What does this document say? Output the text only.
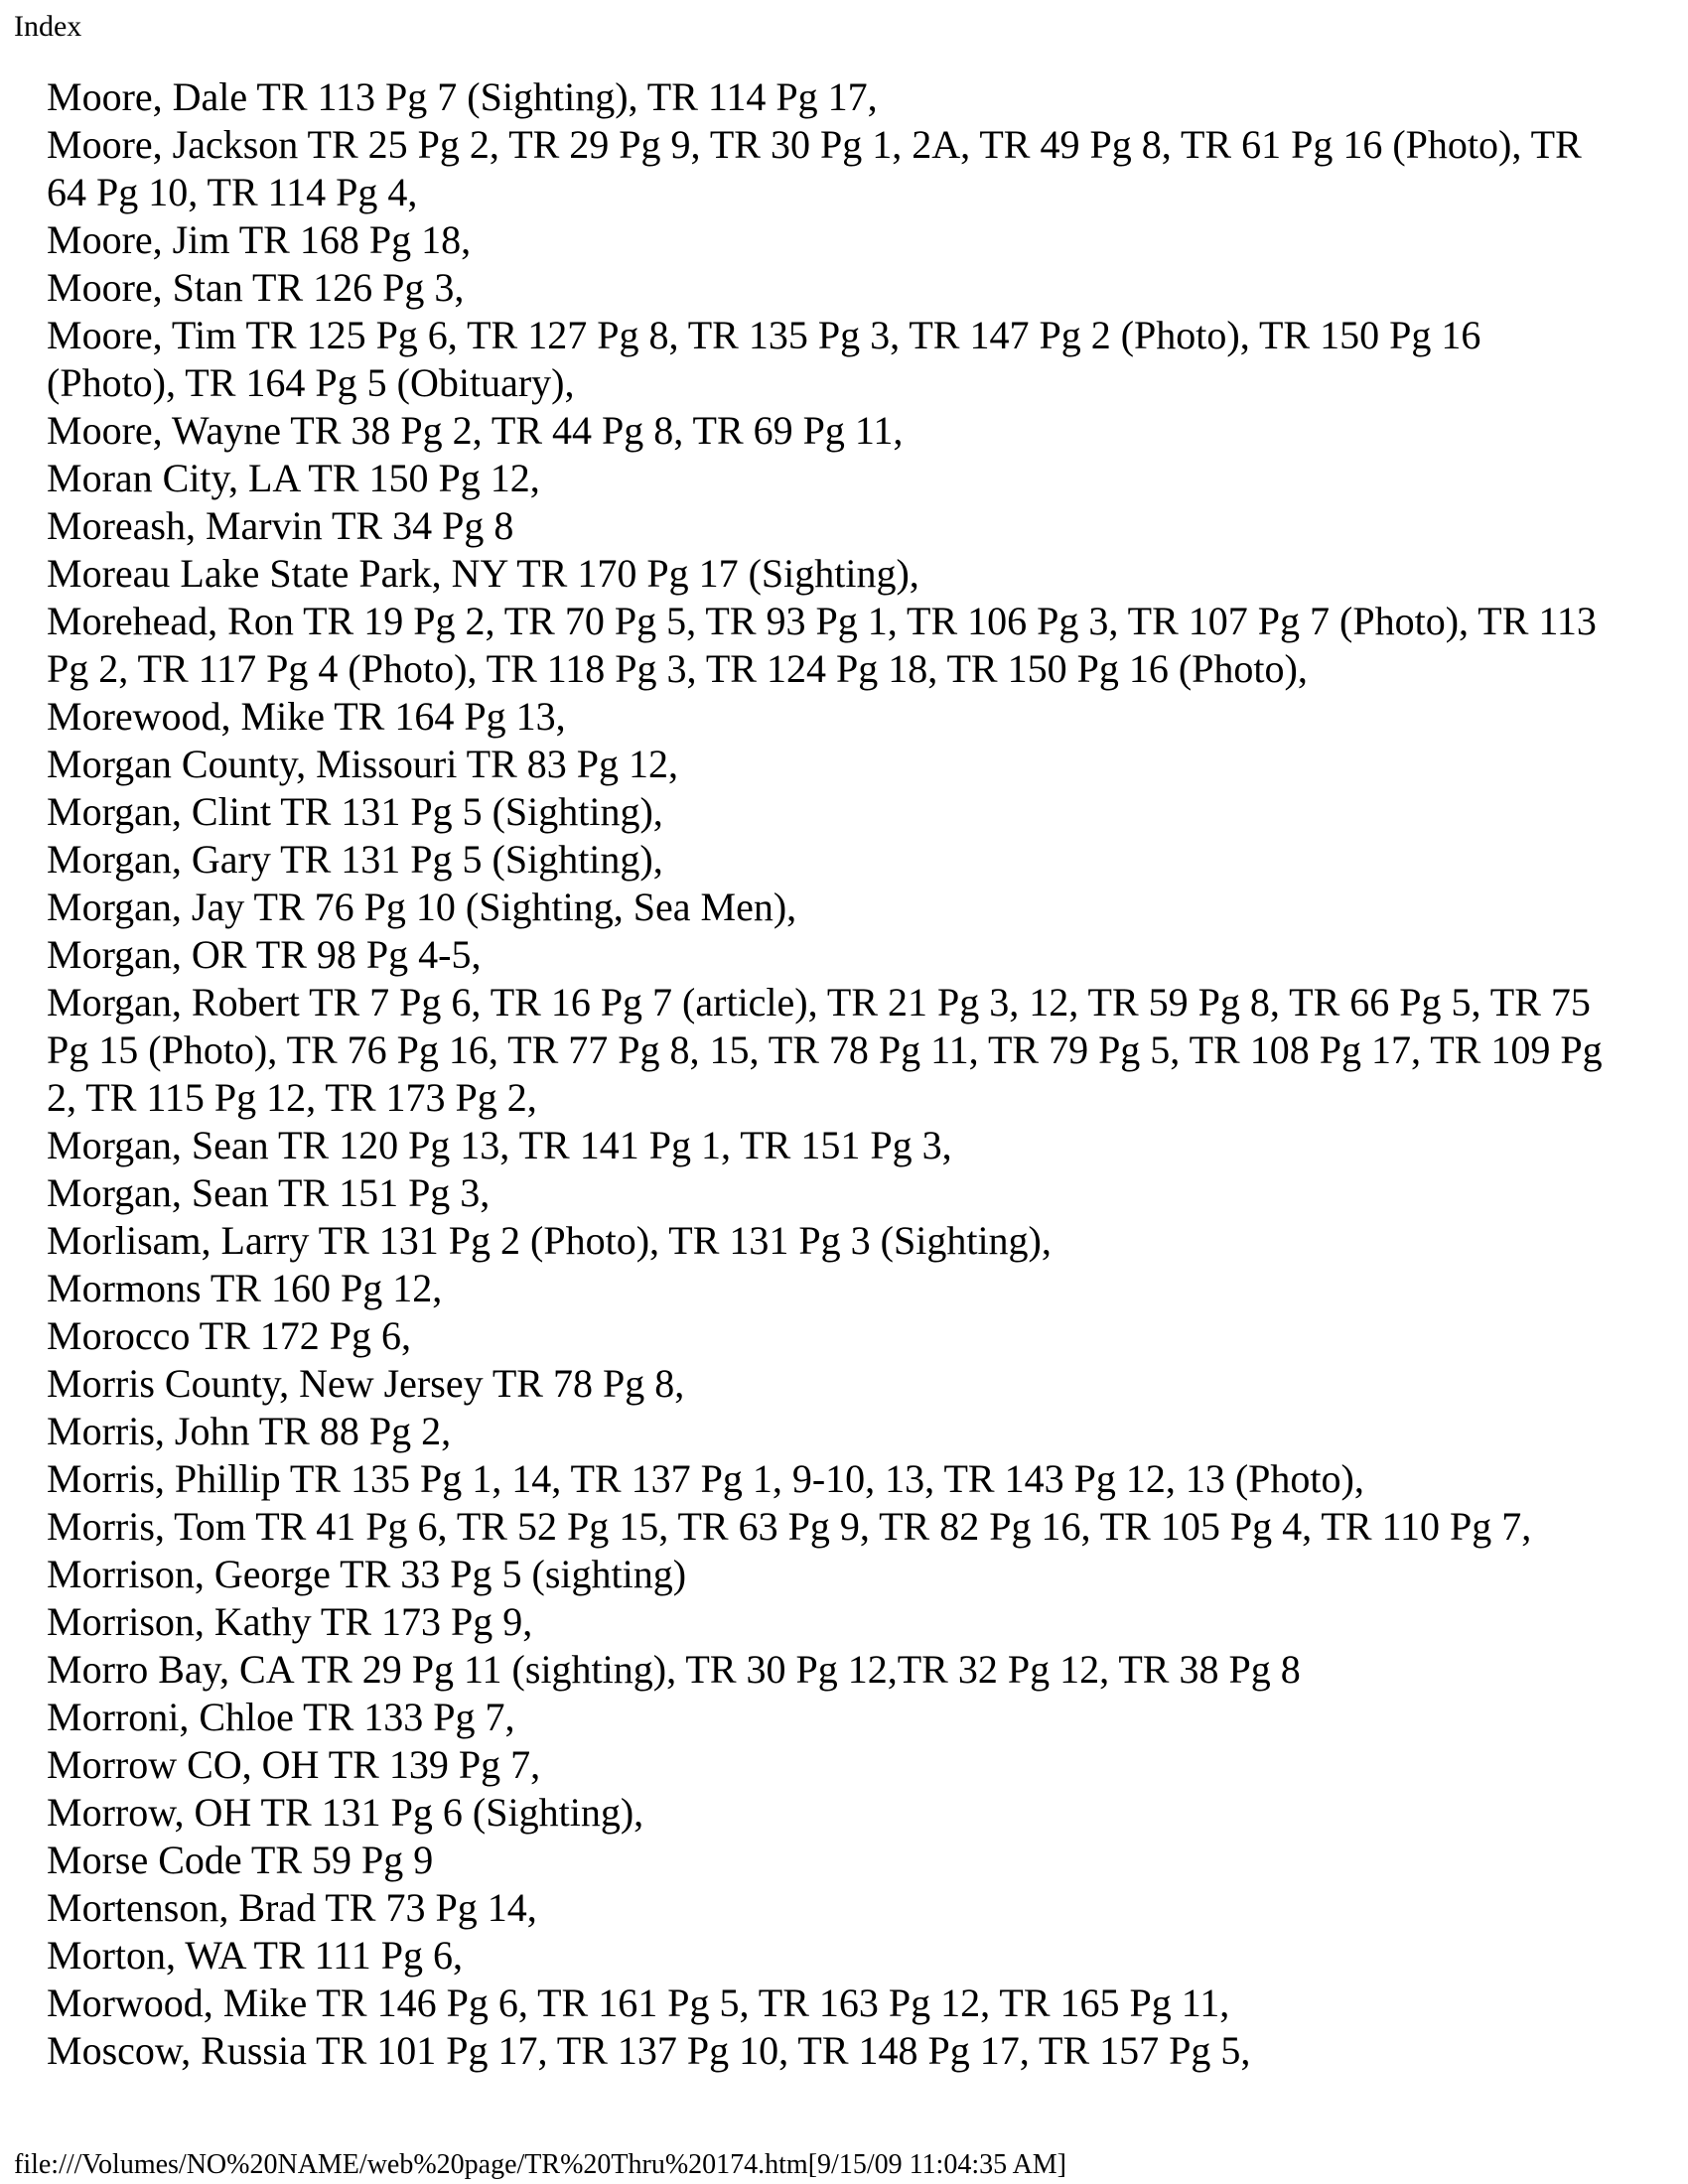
Index

Moore, Dale TR 113 Pg 7 (Sighting), TR 114 Pg 17,

Moore, Jackson TR 25 Pg 2, TR 29 Pg 9, TR 30 Pg 1, 2A, TR 49 Pg 8, TR 61 Pg 16 (Photo), TR 64 Pg 10, TR 114 Pg 4,

Moore, Jim TR 168 Pg 18,

Moore, Stan TR 126 Pg 3,

Moore, Tim TR 125 Pg 6, TR 127 Pg 8, TR 135 Pg 3, TR 147 Pg 2 (Photo), TR 150 Pg 16 (Photo), TR 164 Pg 5 (Obituary),

Moore, Wayne TR 38 Pg 2, TR 44 Pg 8, TR 69 Pg 11,

Moran City, LA TR 150 Pg 12,

Moreash, Marvin TR 34 Pg 8

Moreau Lake State Park, NY TR 170 Pg 17 (Sighting),

Morehead, Ron TR 19 Pg 2, TR 70 Pg 5, TR 93 Pg 1, TR 106 Pg 3, TR 107 Pg 7 (Photo), TR 113 Pg 2, TR 117 Pg 4 (Photo), TR 118 Pg 3, TR 124 Pg 18, TR 150 Pg 16 (Photo),

Morewood, Mike TR 164 Pg 13,

Morgan County, Missouri TR 83 Pg 12,

Morgan, Clint TR 131 Pg 5 (Sighting),

Morgan, Gary TR 131 Pg 5 (Sighting),

Morgan, Jay TR 76 Pg 10 (Sighting, Sea Men),

Morgan, OR TR 98 Pg 4-5,

Morgan, Robert TR 7 Pg 6, TR 16 Pg 7 (article), TR 21 Pg 3, 12, TR 59 Pg 8, TR 66 Pg 5, TR 75 Pg 15 (Photo), TR 76 Pg 16, TR 77 Pg 8, 15, TR 78 Pg 11, TR 79 Pg 5, TR 108 Pg 17, TR 109 Pg 2, TR 115 Pg 12, TR 173 Pg 2,

Morgan, Sean TR 120 Pg 13, TR 141 Pg 1, TR 151 Pg 3,

Morgan, Sean TR 151 Pg 3,

Morlisam, Larry TR 131 Pg 2 (Photo), TR 131 Pg 3 (Sighting),

Mormons TR 160 Pg 12,

Morocco TR 172 Pg 6,

Morris County, New Jersey TR 78 Pg 8,

Morris, John TR 88 Pg 2,

Morris, Phillip TR 135 Pg 1, 14, TR 137 Pg 1, 9-10, 13, TR 143 Pg 12, 13 (Photo),

Morris, Tom TR 41 Pg 6, TR 52 Pg 15, TR 63 Pg 9, TR 82 Pg 16, TR 105 Pg 4, TR 110 Pg 7,

Morrison, George TR 33 Pg 5 (sighting)

Morrison, Kathy TR 173 Pg 9,

Morro Bay, CA TR 29 Pg 11 (sighting), TR 30 Pg 12,TR 32 Pg 12, TR 38 Pg 8

Morroni, Chloe TR 133 Pg 7,

Morrow CO, OH TR 139 Pg 7,

Morrow, OH TR 131 Pg 6 (Sighting),

Morse Code TR 59 Pg 9

Mortenson, Brad TR 73 Pg 14,

Morton, WA TR 111 Pg 6,

Morwood, Mike TR 146 Pg 6, TR 161 Pg 5, TR 163 Pg 12, TR 165 Pg 11,

Moscow, Russia TR 101 Pg 17, TR 137 Pg 10, TR 148 Pg 17, TR 157 Pg 5,

file:///Volumes/NO%20NAME/web%20page/TR%20Thru%20174.htm[9/15/09 11:04:35 AM]
